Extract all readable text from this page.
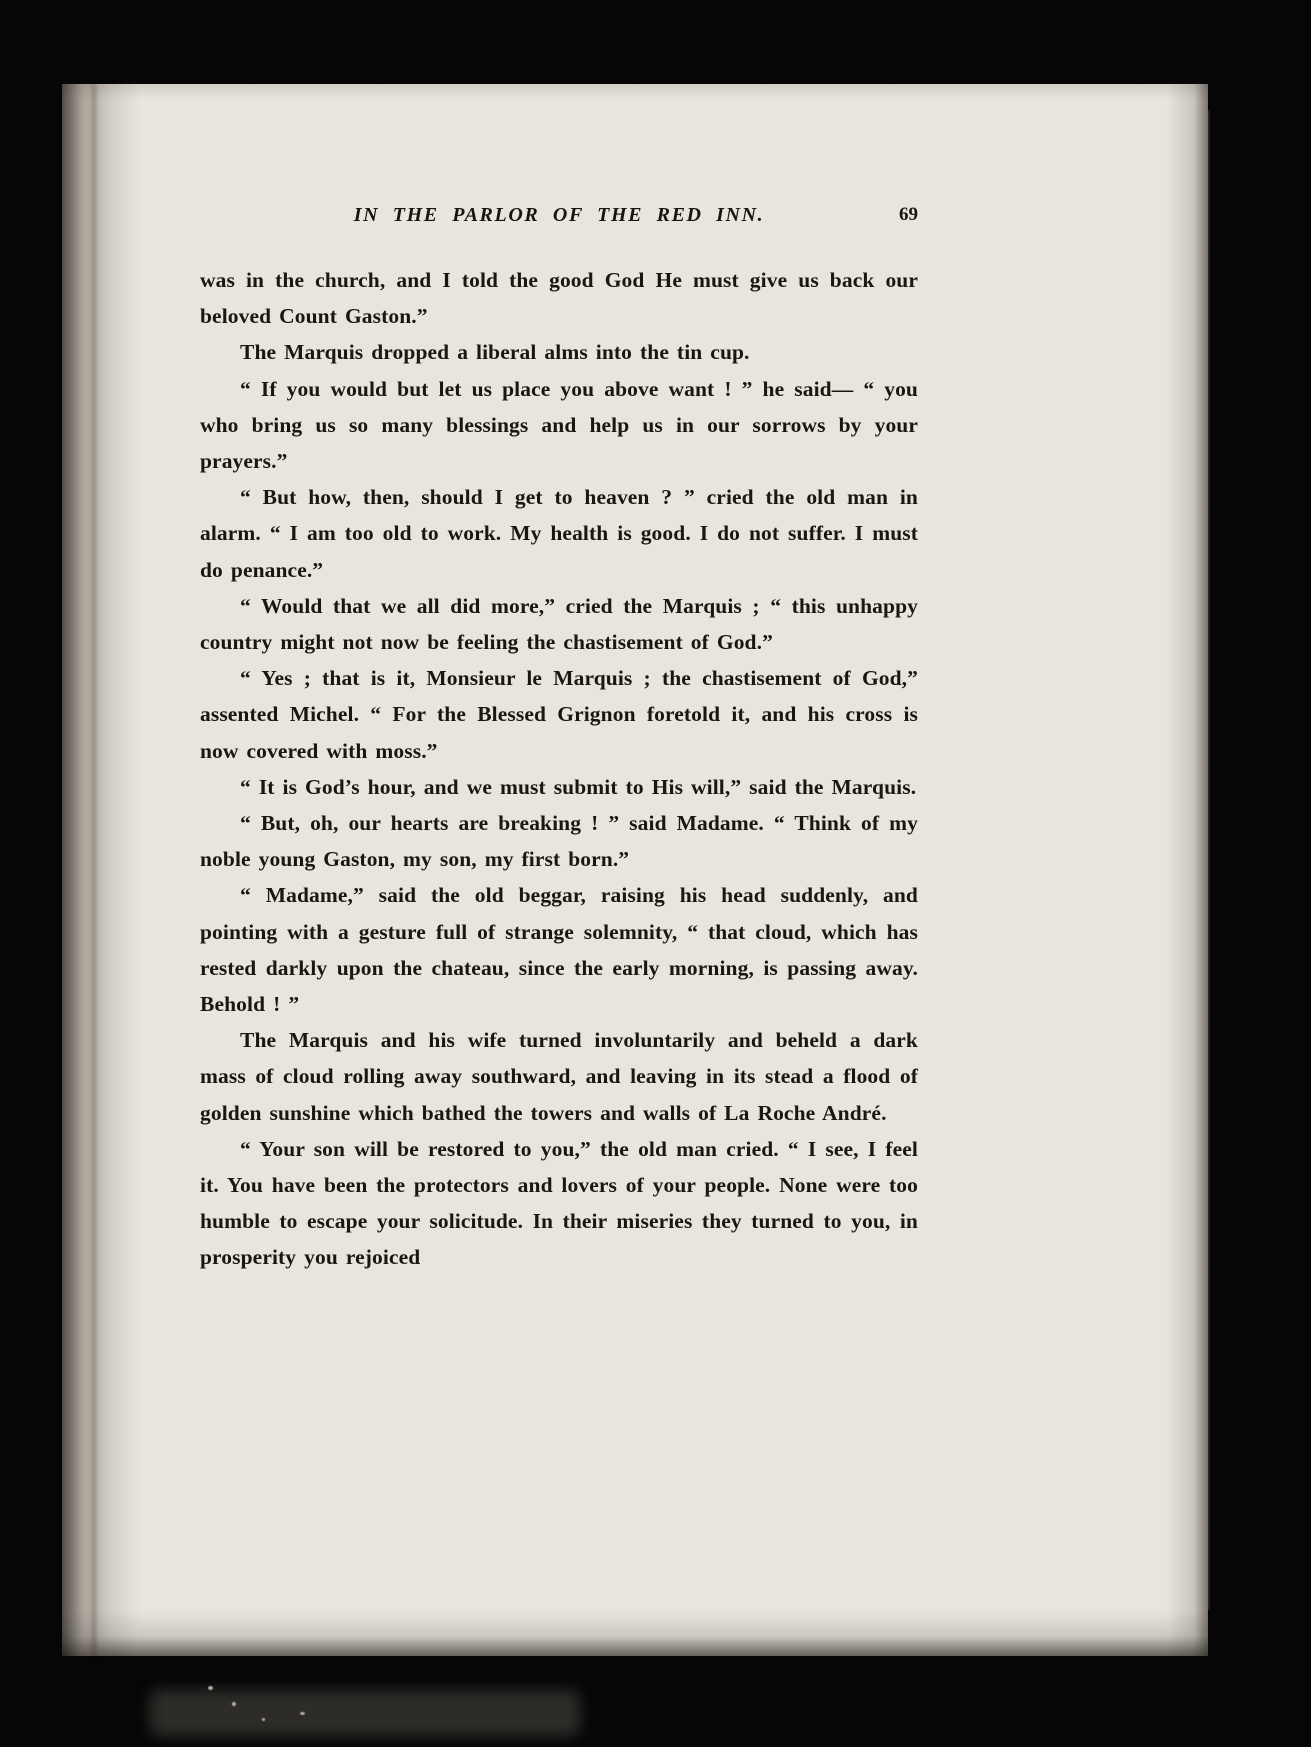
IN THE PARLOR OF THE RED INN.	69

was in the church, and I told the good God He must give us back our beloved Count Gaston.”

The Marquis dropped a liberal alms into the tin cup.

“ If you would but let us place you above want ! ” he said— “ you who bring us so many blessings and help us in our sorrows by your prayers.”

“ But how, then, should I get to heaven ? ” cried the old man in alarm. “ I am too old to work. My health is good. I do not suffer. I must do penance.”

“ Would that we all did more,” cried the Marquis ; “ this unhappy country might not now be feeling the chastisement of God.”

“ Yes ; that is it, Monsieur le Marquis ; the chastisement of God,” assented Michel. “ For the Blessed Grignon foretold it, and his cross is now covered with moss.”

“ It is God’s hour, and we must submit to His will,” said the Marquis.

“ But, oh, our hearts are breaking ! ” said Madame. “ Think of my noble young Gaston, my son, my first born.”

“ Madame,” said the old beggar, raising his head suddenly, and pointing with a gesture full of strange solemnity, “ that cloud, which has rested darkly upon the chateau, since the early morning, is passing away. Behold ! ”

The Marquis and his wife turned involuntarily and beheld a dark mass of cloud rolling away southward, and leaving in its stead a flood of golden sunshine which bathed the towers and walls of La Roche André.

“ Your son will be restored to you,” the old man cried. “ I see, I feel it. You have been the protectors and lovers of your people. None were too humble to escape your solicitude. In their miseries they turned to you, in prosperity you rejoiced
